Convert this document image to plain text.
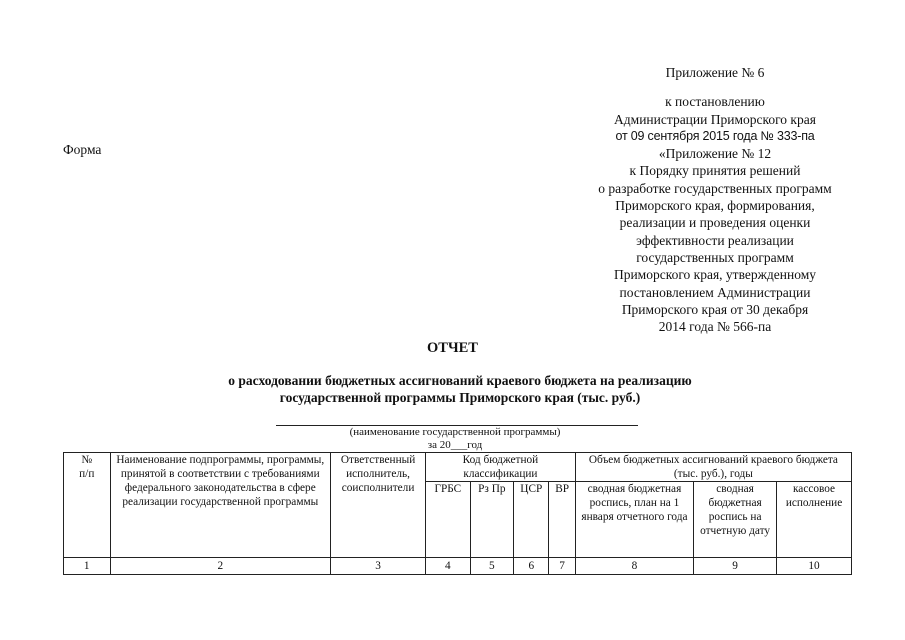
Приложение № 6
к постановлению
Администрации Приморского края
от 09 сентября 2015 года № 333-па
«Приложение № 12
к Порядку принятия решений
о разработке государственных программ
Приморского края, формирования,
реализации и проведения оценки
эффективности реализации
государственных программ
Приморского края, утвержденному
постановлением Администрации
Приморского края от 30 декабря
2014 года № 566-па
Форма
ОТЧЕТ
о расходовании бюджетных ассигнований краевого бюджета на реализацию
государственной программы Приморского края (тыс. руб.)
(наименование государственной программы)
за 20___год
№
п/п	Наименование подпрограммы, программы, принятой в соответствии с требованиями федерального законодательства в сфере реализации государственной программы	Ответственный исполнитель, соисполнители	Код бюджетной классификации				Объем бюджетных ассигнований краевого бюджета (тыс. руб.), годы		
			ГРБС	Рз Пр	ЦСР	ВР	сводная бюджетная роспись, план на 1 января отчетного года	сводная бюджетная роспись на отчетную дату	кассовое исполнение
1	2	3	4	5	6	7	8	9	10
